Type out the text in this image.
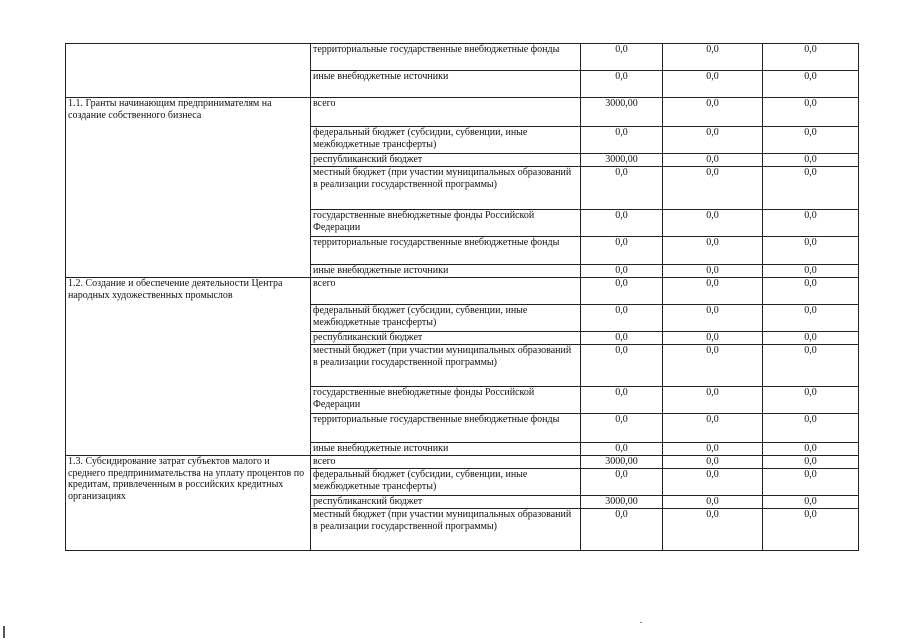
	территориальные государственные внебюджетные фонды	0,0	0,0	0,0
	иные внебюджетные источники	0,0	0,0	0,0
1.1. Гранты начинающим предпринимателям на создание собственного бизнеса	всего	3000,00	0,0	0,0
	федеральный бюджет (субсидии, субвенции, иные межбюджетные трансферты)	0,0	0,0	0,0
	республиканский бюджет	3000,00	0,0	0,0
	местный бюджет (при участии муниципальных образований в реализации государственной программы)	0,0	0,0	0,0
	государственные внебюджетные фонды Российской Федерации	0,0	0,0	0,0
	территориальные государственные внебюджетные фонды	0,0	0,0	0,0
	иные внебюджетные источники	0,0	0,0	0,0
1.2. Создание и обеспечение деятельности Центра народных художественных промыслов	всего	0,0	0,0	0,0
	федеральный бюджет (субсидии, субвенции, иные межбюджетные трансферты)	0,0	0,0	0,0
	республиканский бюджет	0,0	0,0	0,0
	местный бюджет (при участии муниципальных образований в реализации государственной программы)	0,0	0,0	0,0
	государственные внебюджетные фонды Российской Федерации	0,0	0,0	0,0
	территориальные государственные внебюджетные фонды	0,0	0,0	0,0
	иные внебюджетные источники	0,0	0,0	0,0
1.3. Субсидирование затрат субъектов малого и среднего предпринимательства на уплату процентов по кредитам, привлеченным в российских кредитных организациях	всего	3000,00	0,0	0,0
	федеральный бюджет (субсидии, субвенции, иные межбюджетные трансферты)	0,0	0,0	0,0
	республиканский бюджет	3000,00	0,0	0,0
	местный бюджет (при участии муниципальных образований в реализации государственной программы)	0,0	0,0	0,0
